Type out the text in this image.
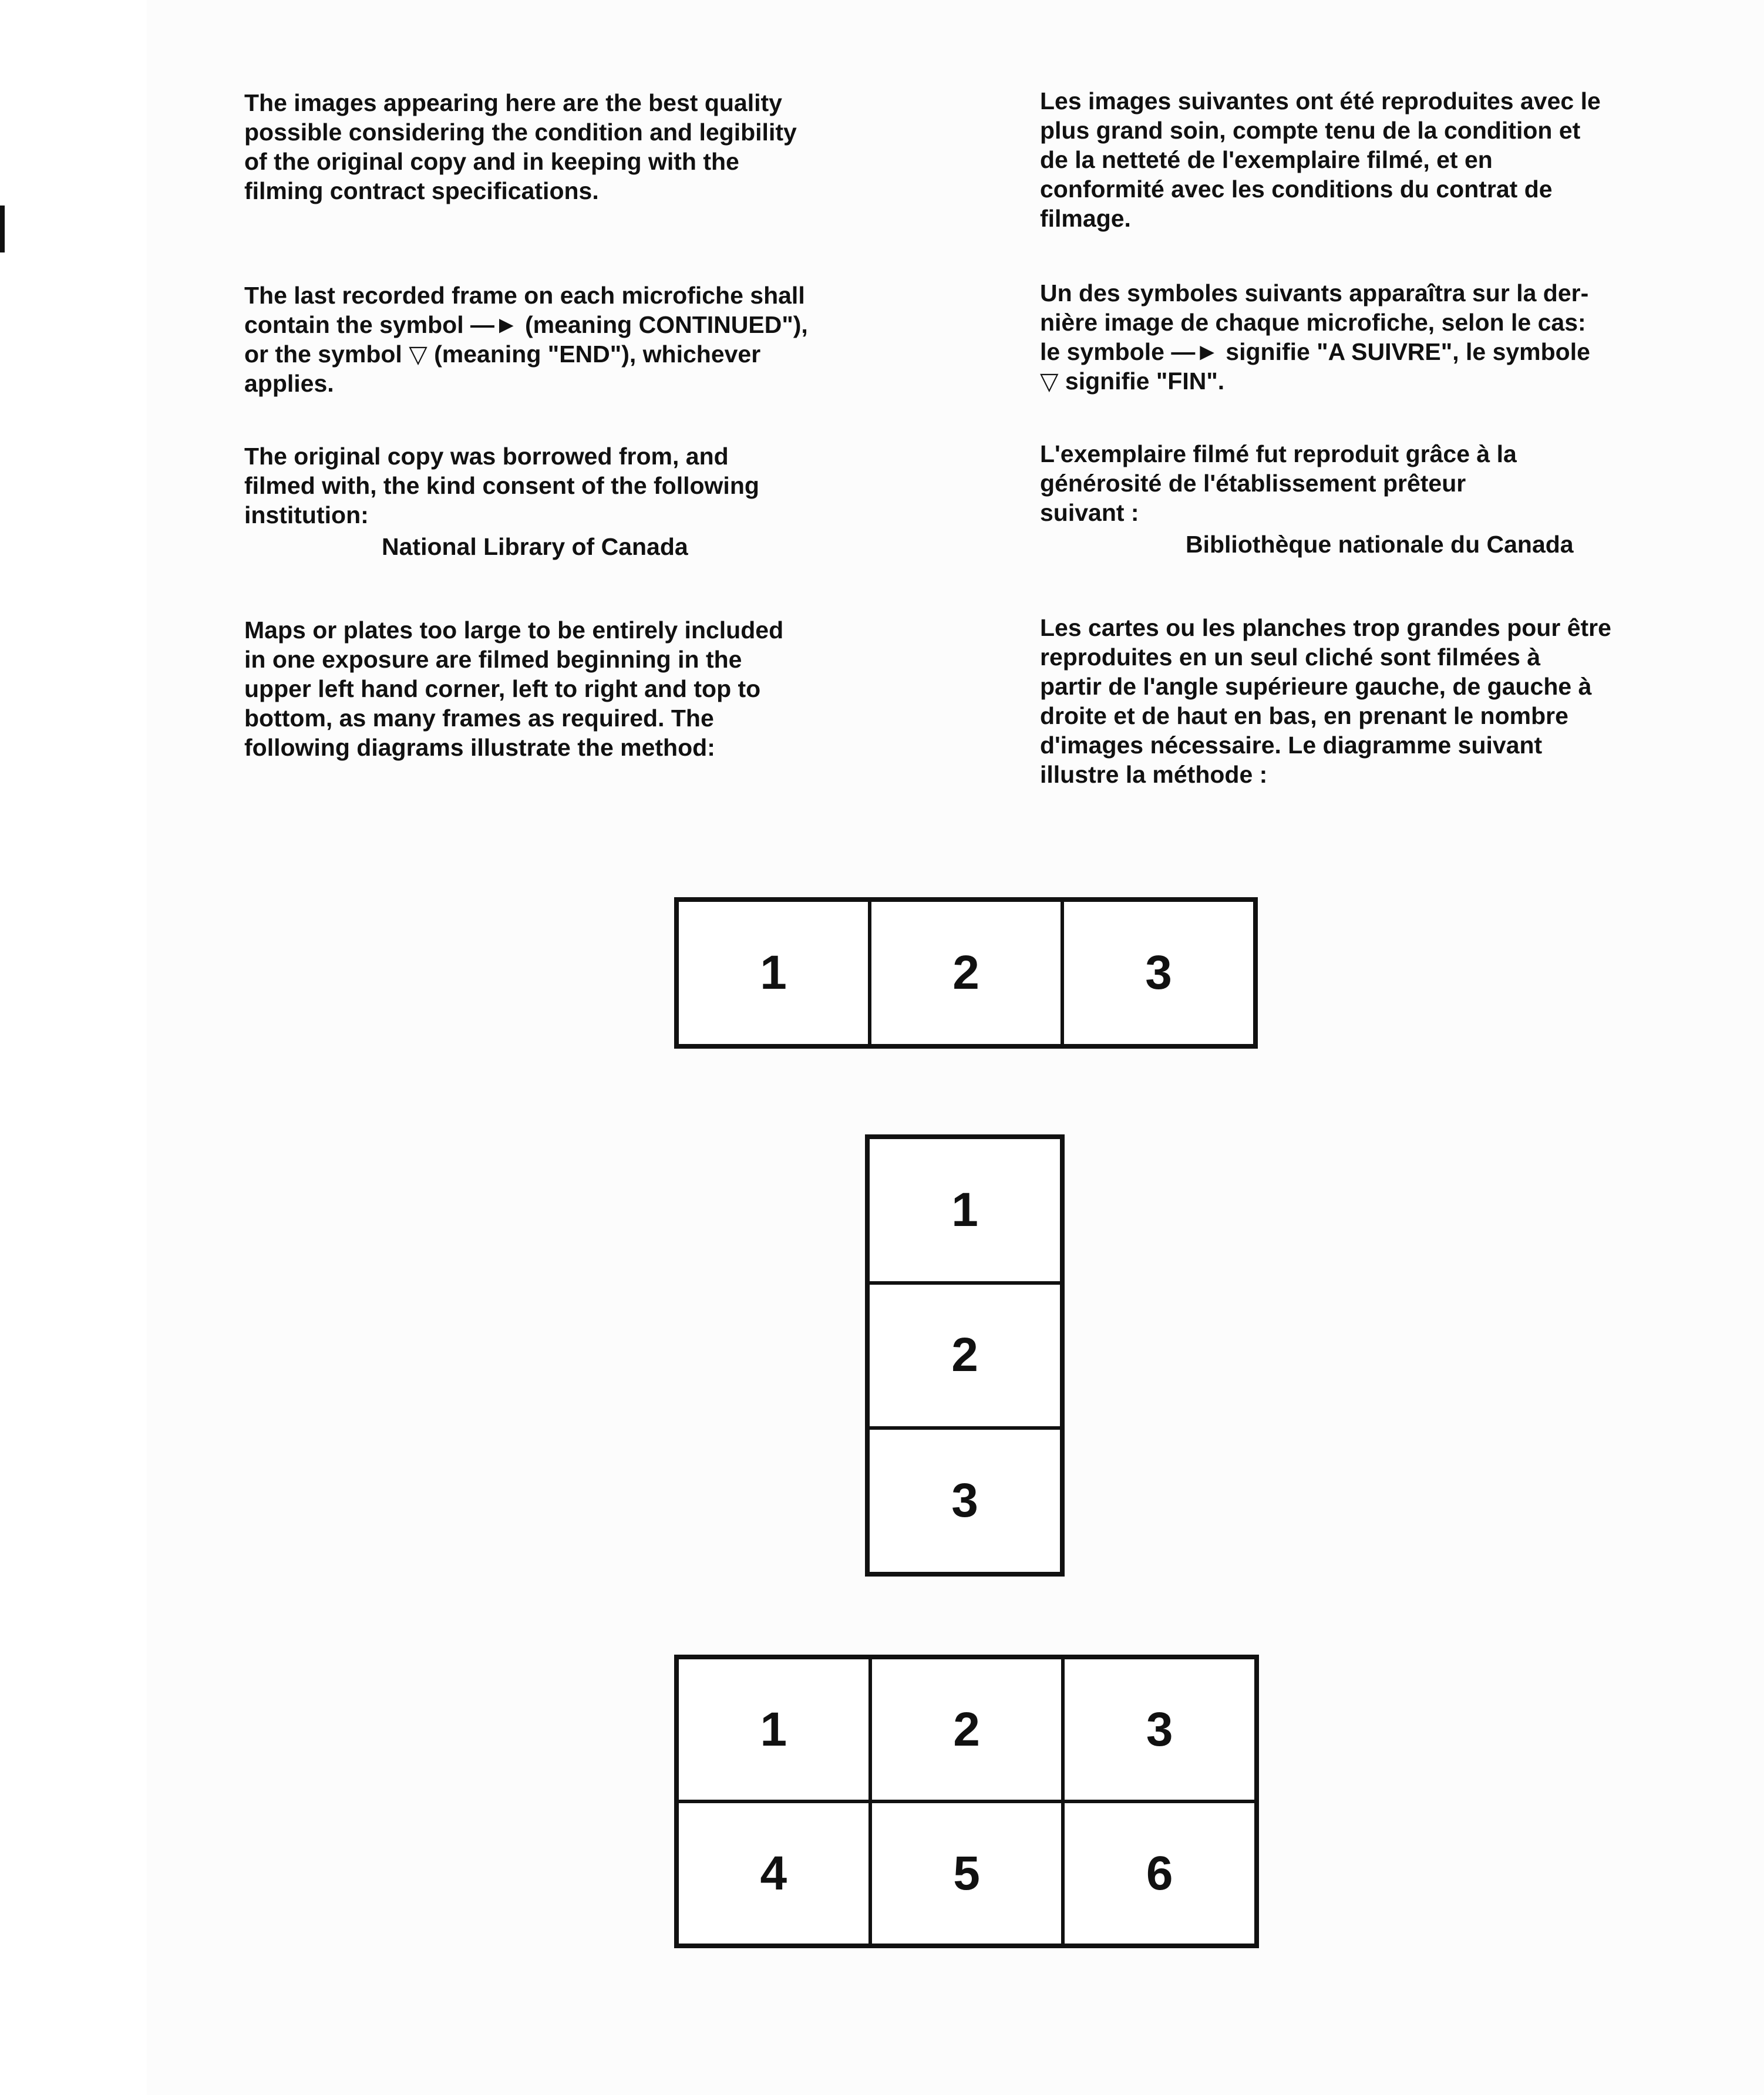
The images appearing here are the best quality
possible considering the condition and legibility
of the original copy and in keeping with the
filming contract specifications.

The last recorded frame on each microfiche shall
contain the symbol —► (meaning CONTINUED"),
or the symbol ▽ (meaning "END"), whichever
applies.

The original copy was borrowed from, and
filmed with, the kind consent of the following
institution:

National Library of Canada

Maps or plates too large to be entirely included
in one exposure are filmed beginning in the
upper left hand corner, left to right and top to
bottom, as many frames as required. The
following diagrams illustrate the method:

Les images suivantes ont été reproduites avec le
plus grand soin, compte tenu de la condition et
de la netteté de l'exemplaire filmé, et en
conformité avec les conditions du contrat de
filmage.

Un des symboles suivants apparaîtra sur la der-
nière image de chaque microfiche, selon le cas:
le symbole —► signifie "A SUIVRE", le symbole
▽ signifie "FIN".

L'exemplaire filmé fut reproduit grâce à la
générosité de l'établissement prêteur
suivant :

Bibliothèque nationale du Canada

Les cartes ou les planches trop grandes pour être
reproduites en un seul cliché sont filmées à
partir de l'angle supérieure gauche, de gauche à
droite et de haut en bas, en prenant le nombre
d'images nécessaire. Le diagramme suivant
illustre la méthode :

1	2	3
1
2
3
1	2	3
4	5	6
